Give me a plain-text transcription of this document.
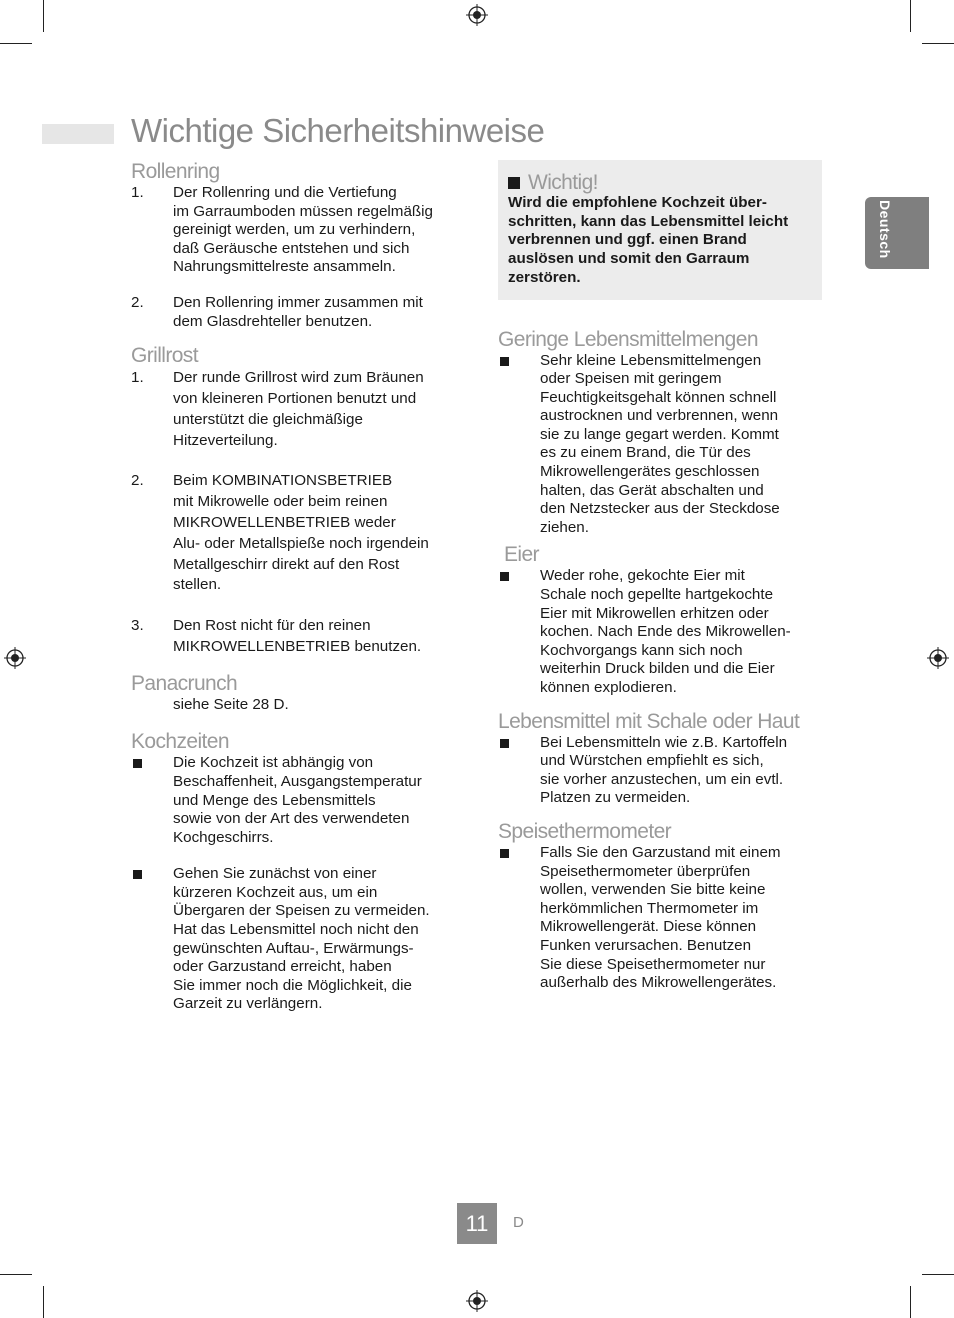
Wichtige Sicherheitshinweise
Deutsch
Rollenring
1. Der Rollenring und die Vertiefung
im Garraumboden müssen regelmäßig
gereinigt werden, um zu verhindern,
daß Geräusche entstehen und sich
Nahrungsmittelreste ansammeln.
2. Den Rollenring immer zusammen mit
dem Glasdrehteller benutzen.
Grillrost
1. Der runde Grillrost wird zum Bräunen
von kleineren Portionen benutzt und
unterstützt die gleichmäßige
Hitzeverteilung.
2. Beim KOMBINATIONSBETRIEB
mit Mikrowelle oder beim reinen
MIKROWELLENBETRIEB weder
Alu- oder Metallspieße noch irgendein
Metallgeschirr direkt auf den Rost
stellen.
3. Den Rost nicht für den reinen
MIKROWELLENBETRIEB benutzen.
Panacrunch
siehe Seite 28 D.
Kochzeiten
Die Kochzeit ist abhängig von
Beschaffenheit, Ausgangstemperatur
und Menge des Lebensmittels
sowie von der Art des verwendeten
Kochgeschirrs.
Gehen Sie zunächst von einer
kürzeren Kochzeit aus, um ein
Übergaren der Speisen zu vermeiden.
Hat das Lebensmittel noch nicht den
gewünschten Auftau-, Erwärmungs-
oder Garzustand erreicht, haben
Sie immer noch die Möglichkeit, die
Garzeit zu verlängern.
Wichtig!
Wird die empfohlene Kochzeit über-
schritten, kann das Lebensmittel leicht
verbrennen und ggf. einen Brand
auslösen und somit den Garraum
zerstören.
Geringe Lebensmittelmengen
Sehr kleine Lebensmittelmengen
oder Speisen mit geringem
Feuchtigkeitsgehalt können schnell
austrocknen und verbrennen, wenn
sie zu lange gegart werden. Kommt
es zu einem Brand, die Tür des
Mikrowellengerätes geschlossen
halten, das Gerät abschalten und
den Netzstecker aus der Steckdose
ziehen.
Eier
Weder rohe, gekochte Eier mit
Schale noch gepellte hartgekochte
Eier mit Mikrowellen erhitzen oder
kochen. Nach Ende des Mikrowellen-
Kochvorgangs kann sich noch
weiterhin Druck bilden und die Eier
können explodieren.
Lebensmittel mit Schale oder Haut
Bei Lebensmitteln wie z.B. Kartoffeln
und Würstchen empfiehlt es sich,
sie vorher anzustechen, um ein evtl.
Platzen zu vermeiden.
Speisethermometer
Falls Sie den Garzustand mit einem
Speisethermometer überprüfen
wollen, verwenden Sie bitte keine
herkömmlichen Thermometer im
Mikrowellengerät. Diese können
Funken verursachen. Benutzen
Sie diese Speisethermometer nur
außerhalb des Mikrowellengerätes.
11	D
